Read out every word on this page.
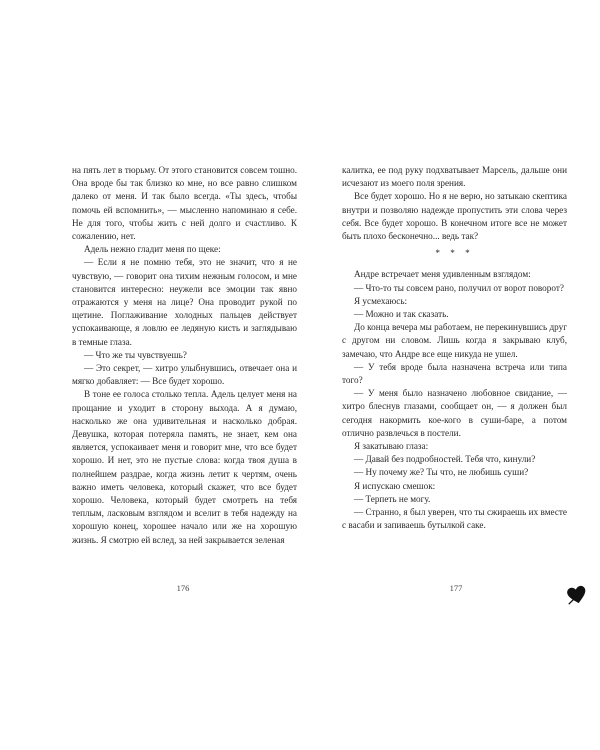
на пять лет в тюрьму. От этого становится совсем тошно. Она вроде бы так близко ко мне, но все равно слишком далеко от меня. И так было всегда. «Ты здесь, чтобы помочь ей вспомнить», — мысленно напоминаю я себе. Не для того, чтобы жить с ней долго и счастливо. К сожалению, нет.

Адель нежно гладит меня по щеке:

— Если я не помню тебя, это не значит, что я не чувствую, — говорит она тихим нежным голосом, и мне становится интересно: неужели все эмоции так явно отражаются у меня на лице? Она проводит рукой по щетине. Поглаживание холодных пальцев действует успокаивающе, я ловлю ее ледяную кисть и заглядываю в темные глаза.

— Что же ты чувствуешь?

— Это секрет, — хитро улыбнувшись, отвечает она и мягко добавляет: — Все будет хорошо.

В тоне ее голоса столько тепла. Адель целует меня на прощание и уходит в сторону выхода. А я думаю, насколько же она удивительная и насколько добрая. Девушка, которая потеряла память, не знает, кем она является, успокаивает меня и говорит мне, что все будет хорошо. И нет, это не пустые слова: когда твоя душа в полнейшем раздрае, когда жизнь летит к чертям, очень важно иметь человека, который скажет, что все будет хорошо. Человека, который будет смотреть на тебя теплым, ласковым взглядом и вселит в тебя надежду на хорошую конец, хорошее начало или же на хорошую жизнь. Я смотрю ей вслед, за ней закрывается зеленая

калитка, ее под руку подхватывает Марсель, дальше они исчезают из моего поля зрения.

Все будет хорошо. Но я не верю, но затыкаю скептика внутри и позволяю надежде пропустить эти слова через себя. Все будет хорошо. В конечном итоге все не может быть плохо бесконечно... ведь так?

* * *

Андре встречает меня удивленным взглядом:

— Что-то ты совсем рано, получил от ворот поворот?

Я усмехаюсь:

— Можно и так сказать.

До конца вечера мы работаем, не перекинувшись друг с другом ни словом. Лишь когда я закрываю клуб, замечаю, что Андре все еще никуда не ушел.

— У тебя вроде была назначена встреча или типа того?

— У меня было назначено любовное свидание, — хитро блеснув глазами, сообщает он, — я должен был сегодня накормить кое-кого в суши-баре, а потом отлично развлечься в постели.

Я закатываю глаза:

— Давай без подробностей. Тебя что, кинули?

— Ну почему же? Ты что, не любишь суши?

Я испускаю смешок:

— Терпеть не могу.

— Странно, я был уверен, что ты сжираешь их вместе с васаби и запиваешь бутылкой саке.

176	177
